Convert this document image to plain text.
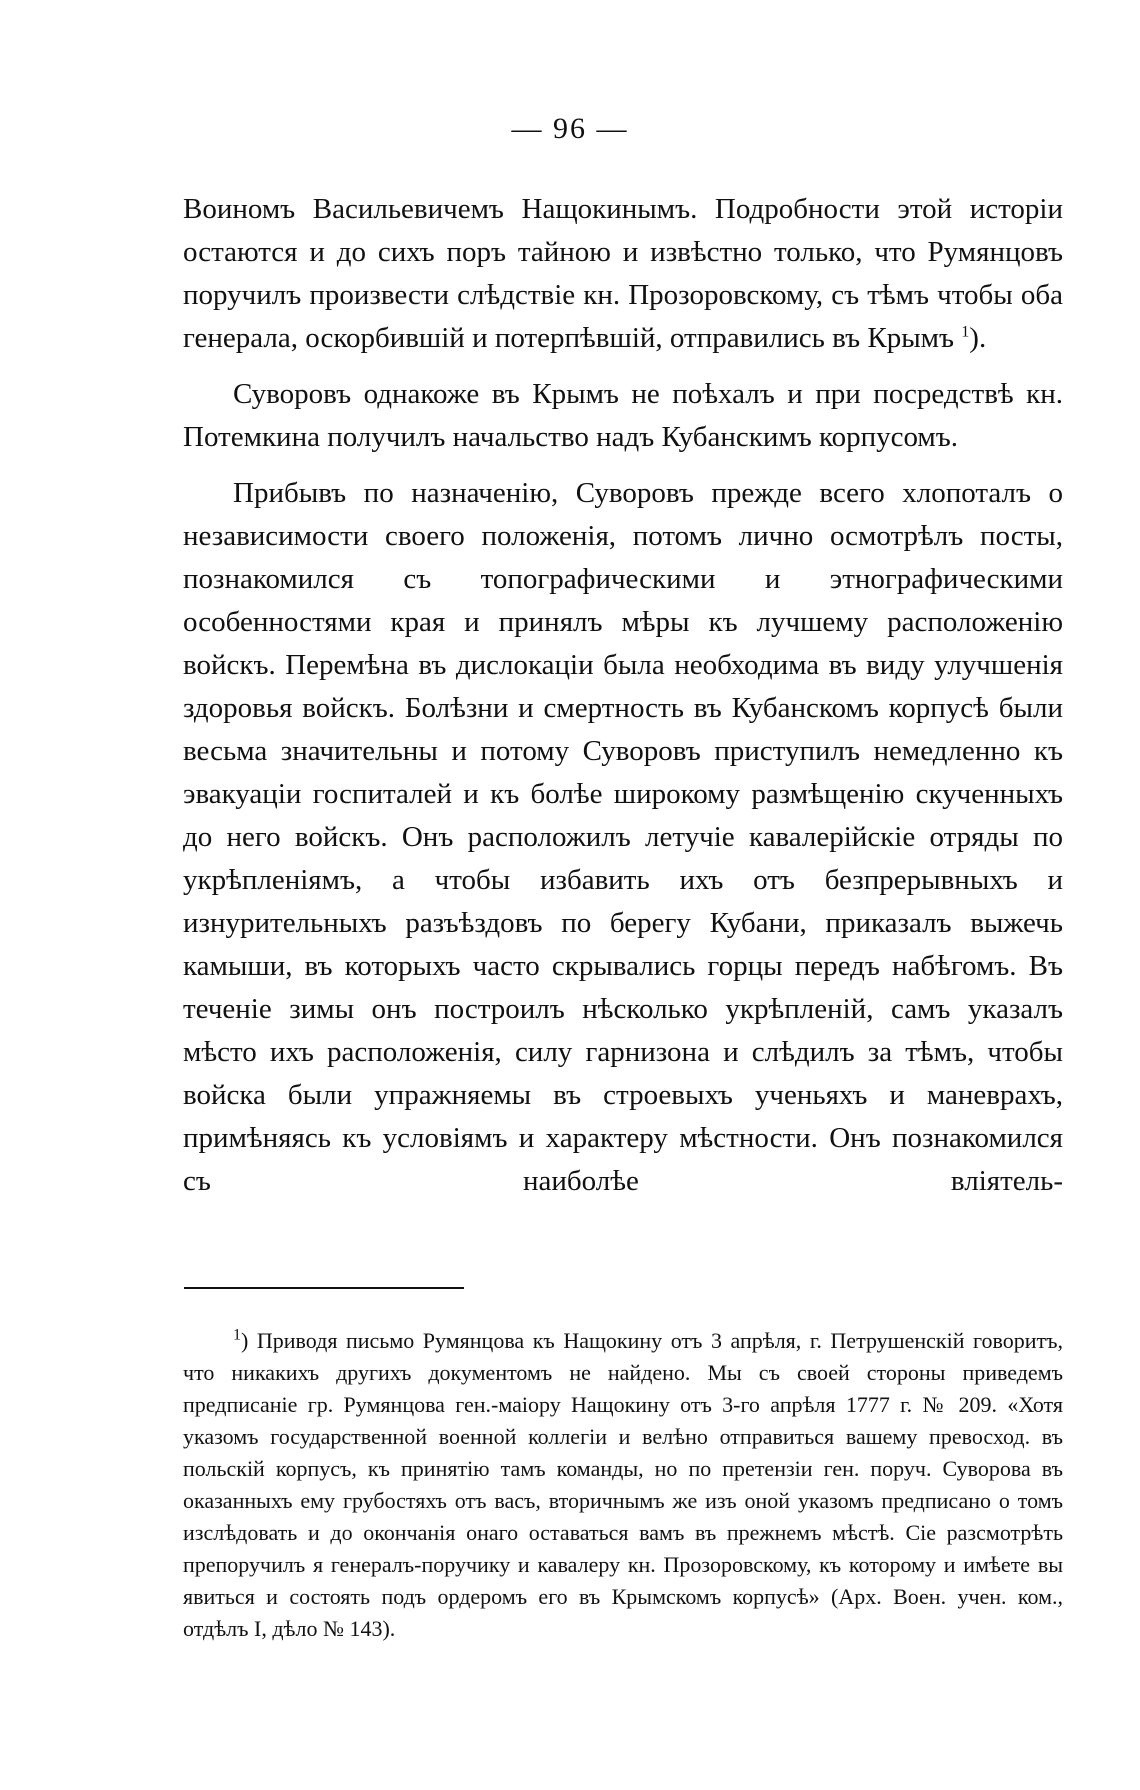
— 96 —

Воиномъ Васильевичемъ Нащокинымъ. Подробности этой исторіи остаются и до сихъ поръ тайною и извѣстно только, что Румянцовъ поручилъ произвести слѣдствіе кн. Прозоровскому, съ тѣмъ чтобы оба генерала, оскорбившій и потерпѣвшій, отправились въ Крымъ $^1$).

Суворовъ однакоже въ Крымъ не поѣхалъ и при посредствѣ кн. Потемкина получилъ начальство надъ Кубанскимъ корпусомъ.

Прибывъ по назначенію, Суворовъ прежде всего хлопоталъ о независимости своего положенія, потомъ лично осмотрѣлъ посты, познакомился съ топографическими и этнографическими особенностями края и принялъ мѣры къ лучшему расположенію войскъ. Перемѣна въ дислокаціи была необходима въ виду улучшенія здоровья войскъ. Болѣзни и смертность въ Кубанскомъ корпусѣ были весьма значительны и потому Суворовъ приступилъ немедленно къ эвакуаціи госпиталей и къ болѣе широкому размѣщенію скученныхъ до него войскъ. Онъ расположилъ летучіе кавалерійскіе отряды по укрѣпленіямъ, а чтобы избавить ихъ отъ безпрерывныхъ и изнурительныхъ разъѣздовъ по берегу Кубани, приказалъ выжечь камыши, въ которыхъ часто скрывались горцы передъ набѣгомъ. Въ теченіе зимы онъ построилъ нѣсколько укрѣпленій, самъ указалъ мѣсто ихъ расположенія, силу гарнизона и слѣдилъ за тѣмъ, чтобы войска были упражняемы въ строевыхъ ученьяхъ и маневрахъ, примѣняясь къ условіямъ и характеру мѣстности. Онъ познакомился съ наиболѣе вліятель-

$^1$) Приводя письмо Румянцова къ Нащокину отъ 3 апрѣля, г. Петрушенскій говоритъ, что никакихъ другихъ документомъ не найдено. Мы съ своей стороны приведемъ предписаніе гр. Румянцова ген.-маіору Нащокину отъ 3-го апрѣля 1777 г. № 209. «Хотя указомъ государственной военной коллегіи и велѣно отправиться вашему превосход. въ польскій корпусъ, къ принятію тамъ команды, но по претензіи ген. поруч. Суворова въ оказанныхъ ему грубостяхъ отъ васъ, вторичнымъ же изъ оной указомъ предписано о томъ изслѣдовать и до окончанія онаго оставаться вамъ въ прежнемъ мѣстѣ. Сіе разсмотрѣть препоручилъ я генералъ-поручику и кавалеру кн. Прозоровскому, къ которому и имѣете вы явиться и состоять подъ ордеромъ его въ Крымскомъ корпусѣ» (Арх. Воен. учен. ком., отдѣлъ I, дѣло № 143).
